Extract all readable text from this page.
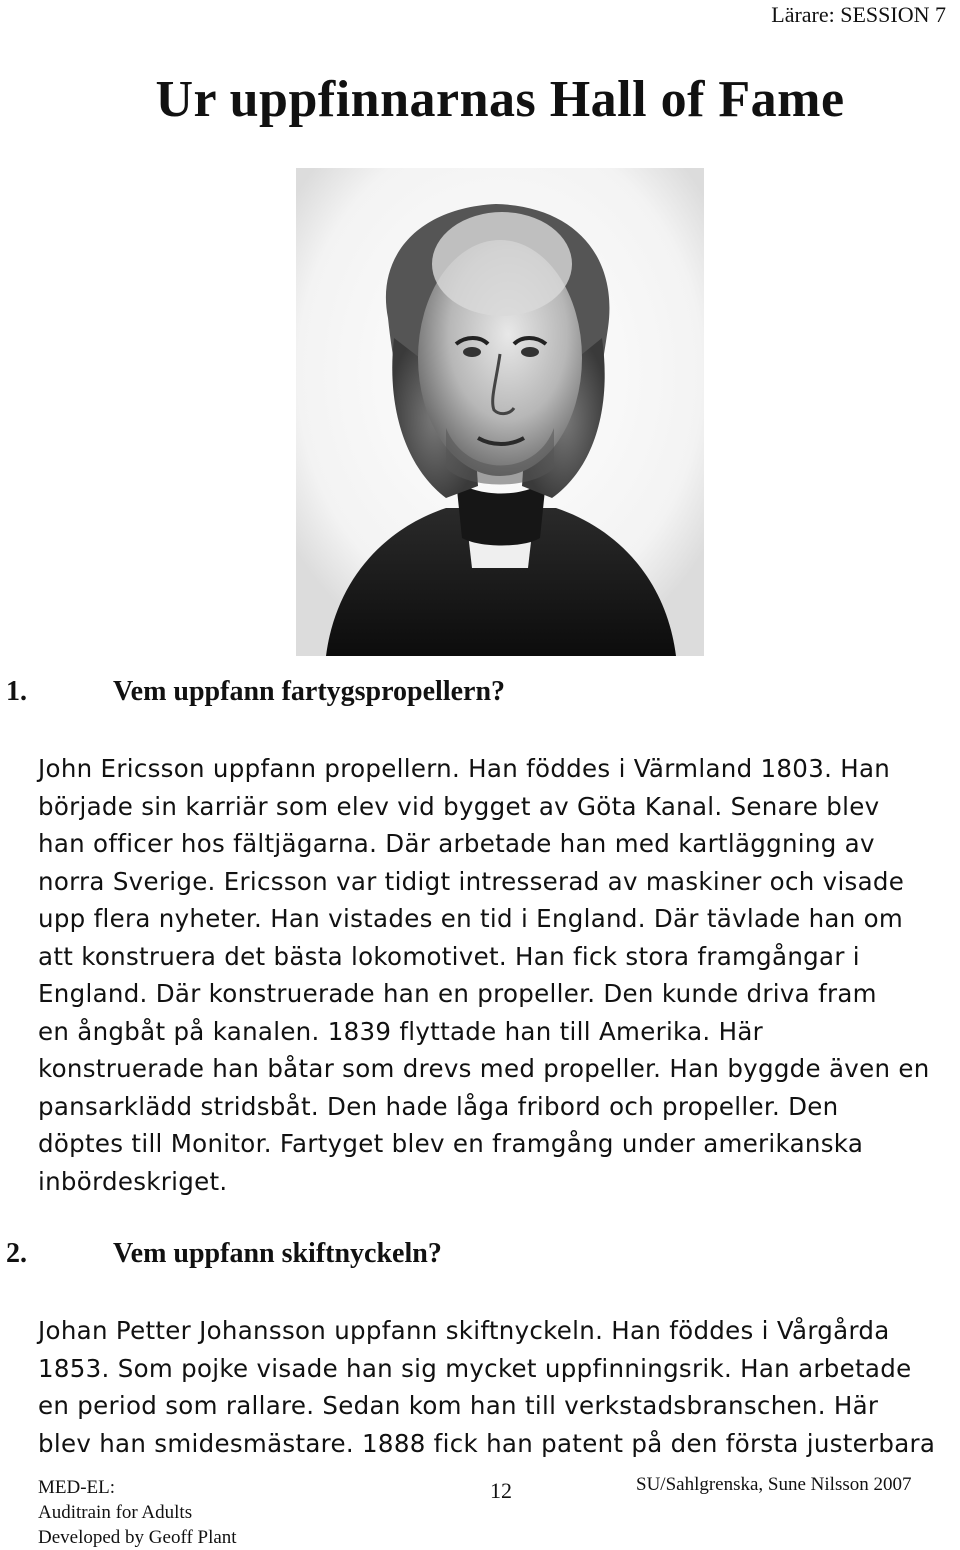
Lärare: SESSION 7
Ur uppfinnarnas Hall of Fame
1.	Vem uppfann fartygspropellern?
John Ericsson uppfann propellern. Han föddes i Värmland 1803. Han
började sin karriär som elev vid bygget av Göta Kanal. Senare blev
han officer hos fältjägarna. Där arbetade han med kartläggning av
norra Sverige. Ericsson var tidigt intresserad av maskiner och visade
upp flera nyheter. Han vistades en tid i England. Där tävlade han om
att konstruera det bästa lokomotivet. Han fick stora framgångar i
England. Där konstruerade han en propeller. Den kunde driva fram
en ångbåt på kanalen. 1839 flyttade han till Amerika. Här
konstruerade han båtar som drevs med propeller. Han byggde även en
pansarklädd stridsbåt. Den hade låga fribord och propeller. Den
döptes till Monitor. Fartyget blev en framgång under amerikanska
inbördeskriget.
2.	Vem uppfann skiftnyckeln?
Johan Petter Johansson uppfann skiftnyckeln. Han föddes i Vårgårda
1853. Som pojke visade han sig mycket uppfinningsrik. Han arbetade
en period som rallare. Sedan kom han till verkstadsbranschen. Här
blev han smidesmästare. 1888 fick han patent på den första justerbara
MED-EL:
Auditrain for Adults
Developed by Geoff Plant
12	SU/Sahlgrenska, Sune Nilsson 2007
